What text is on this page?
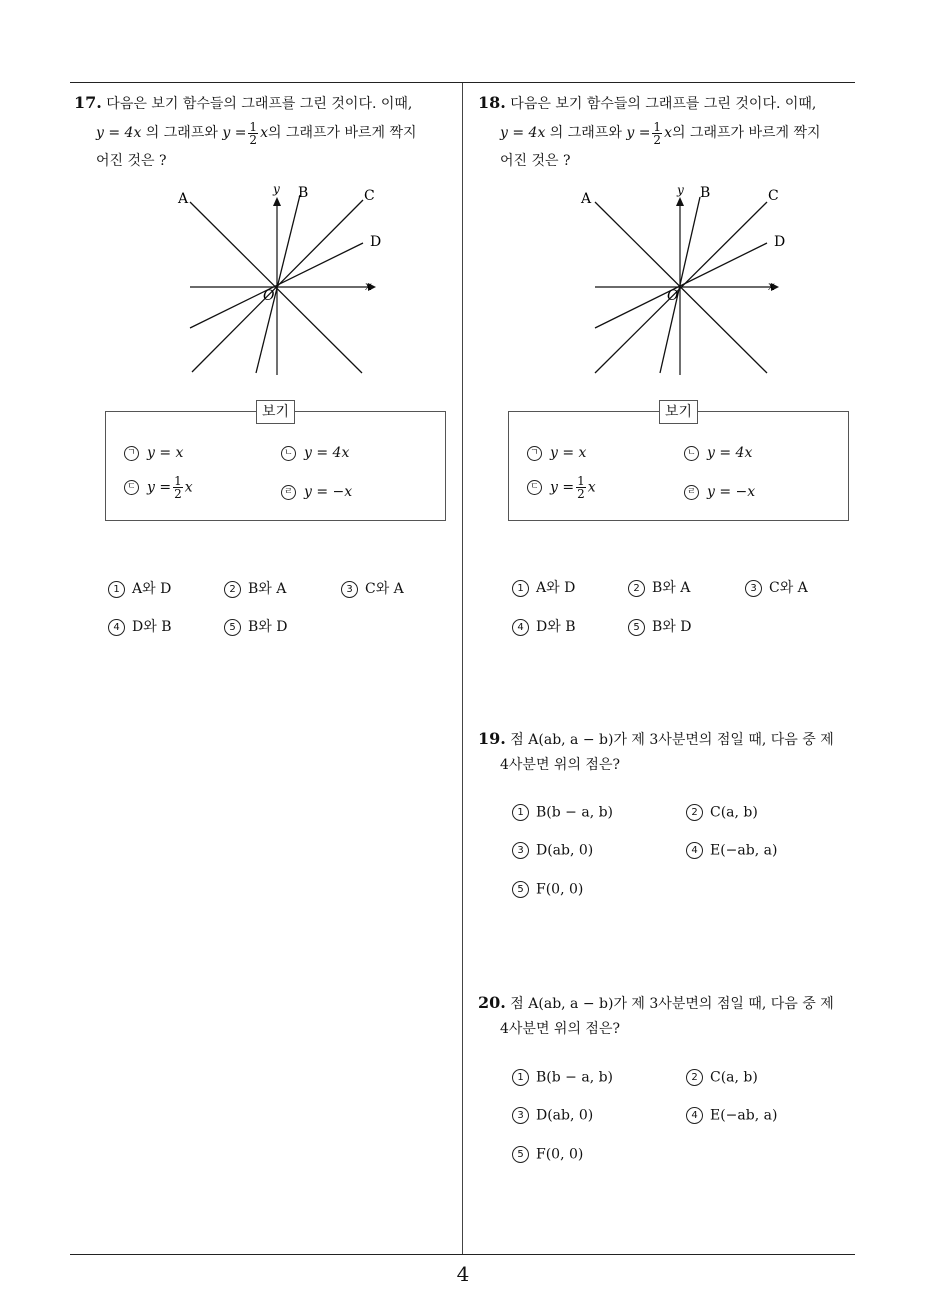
4
17. 다음은 보기 함수들의 그래프를 그린 것이다. 이때,
y = 4x 의 그래프와 $y = \frac{1}{2}$ x의 그래프가 바르게 짝지
어진 것은 ?
A	B	C
D
x
y
O
보기
ㄱ y = x	ㄴ y = 4x
ㄷ $y = \frac{1}{2}$ x	ㄹ y = −x
1 A와 D	2 B와 A	3 C와 A
4 D와 B	5 B와 D
18. 다음은 보기 함수들의 그래프를 그린 것이다. 이때,
y = 4x 의 그래프와 $y = \frac{1}{2}$ x의 그래프가 바르게 짝지
어진 것은 ?
A	B	C
D
x
y
O
보기
ㄱ y = x	ㄴ y = 4x
ㄷ $y = \frac{1}{2}$ x	ㄹ y = −x
1 A와 D	2 B와 A	3 C와 A
4 D와 B	5 B와 D
19. 점 A(ab, a − b)가 제 3사분면의 점일 때, 다음 중 제
4사분면 위의 점은?
1 B(b − a, b)	2 C(a, b)
3 D(ab, 0)	4 E(−ab, a)
5 F(0, 0)
20. 점 A(ab, a − b)가 제 3사분면의 점일 때, 다음 중 제
4사분면 위의 점은?
1 B(b − a, b)	2 C(a, b)
3 D(ab, 0)	4 E(−ab, a)
5 F(0, 0)
